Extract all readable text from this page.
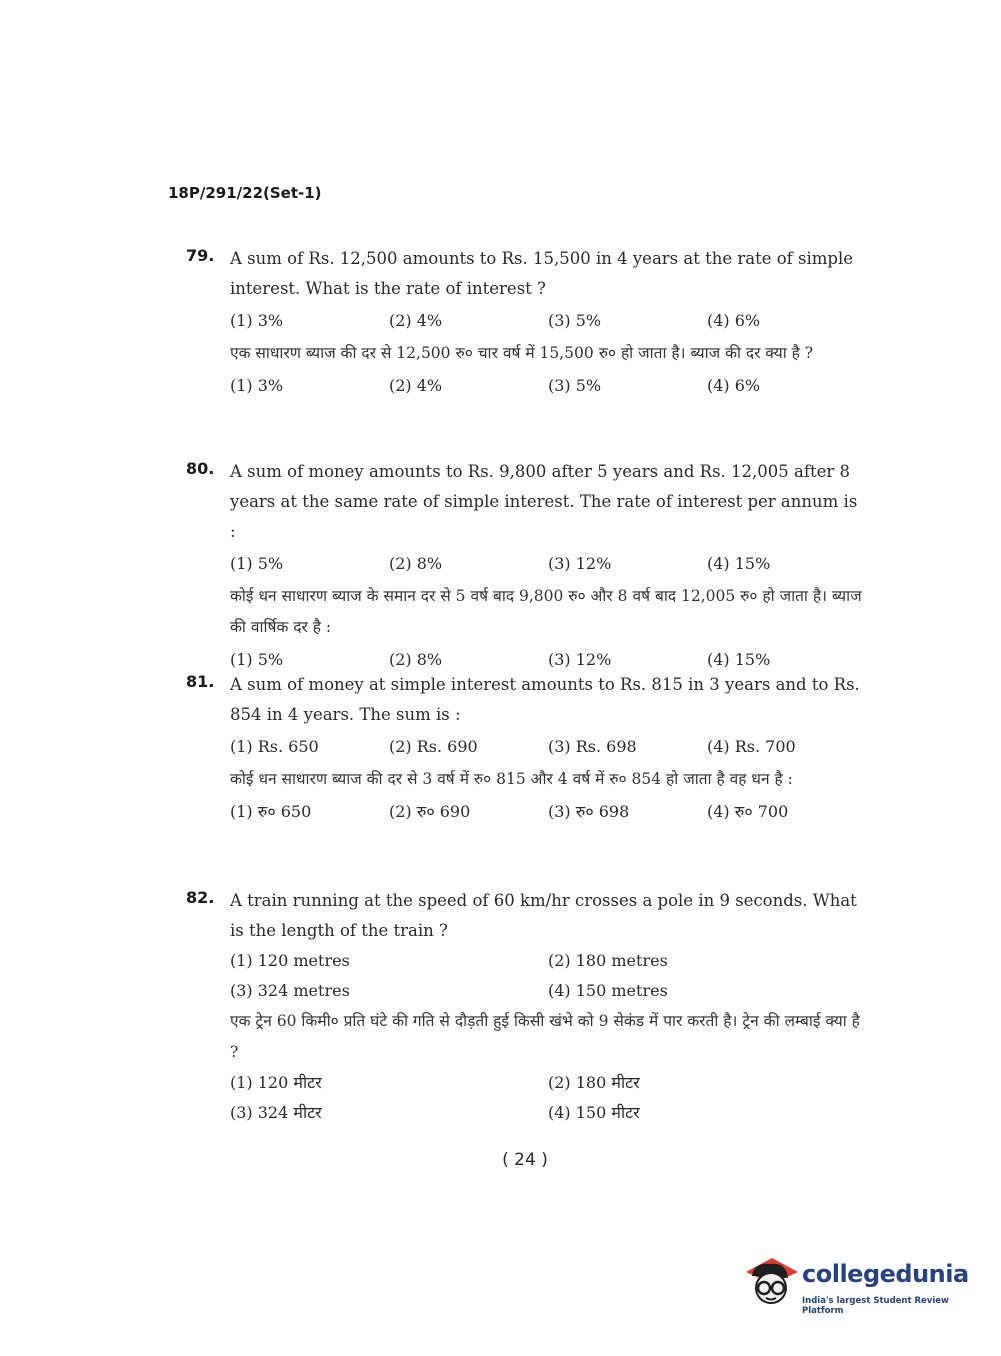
18P/291/22(Set-1)
79. A sum of Rs. 12,500 amounts to Rs. 15,500 in 4 years at the rate of simple interest. What is the rate of interest ?
(1) 3%	(2) 4%	(3) 5%	(4) 6%
एक साधारण ब्याज की दर से 12,500 रु० चार वर्ष में 15,500 रु० हो जाता है। ब्याज की दर क्या है ?
(1) 3%	(2) 4%	(3) 5%	(4) 6%
80. A sum of money amounts to Rs. 9,800 after 5 years and Rs. 12,005 after 8 years at the same rate of simple interest. The rate of interest per annum is :
(1) 5%	(2) 8%	(3) 12%	(4) 15%
कोई धन साधारण ब्याज के समान दर से 5 वर्ष बाद 9,800 रु० और 8 वर्ष बाद 12,005 रु० हो जाता है। ब्याज की वार्षिक दर है :
(1) 5%	(2) 8%	(3) 12%	(4) 15%
81. A sum of money at simple interest amounts to Rs. 815 in 3 years and to Rs. 854 in 4 years. The sum is :
(1) Rs. 650	(2) Rs. 690	(3) Rs. 698	(4) Rs. 700
कोई धन साधारण ब्याज की दर से 3 वर्ष में रु० 815 और 4 वर्ष में रु० 854 हो जाता है वह धन है :
(1) रु० 650	(2) रु० 690	(3) रु० 698	(4) रु० 700
82. A train running at the speed of 60 km/hr crosses a pole in 9 seconds. What is the length of the train ?
(1) 120 metres	(2) 180 metres
(3) 324 metres	(4) 150 metres
एक ट्रेन 60 किमी० प्रति घंटे की गति से दौड़ती हुई किसी खंभे को 9 सेकंड में पार करती है। ट्रेन की लम्बाई क्या है ?
(1) 120 मीटर	(2) 180 मीटर
(3) 324 मीटर	(4) 150 मीटर
( 24 )
collegedunia
India's largest Student Review Platform
